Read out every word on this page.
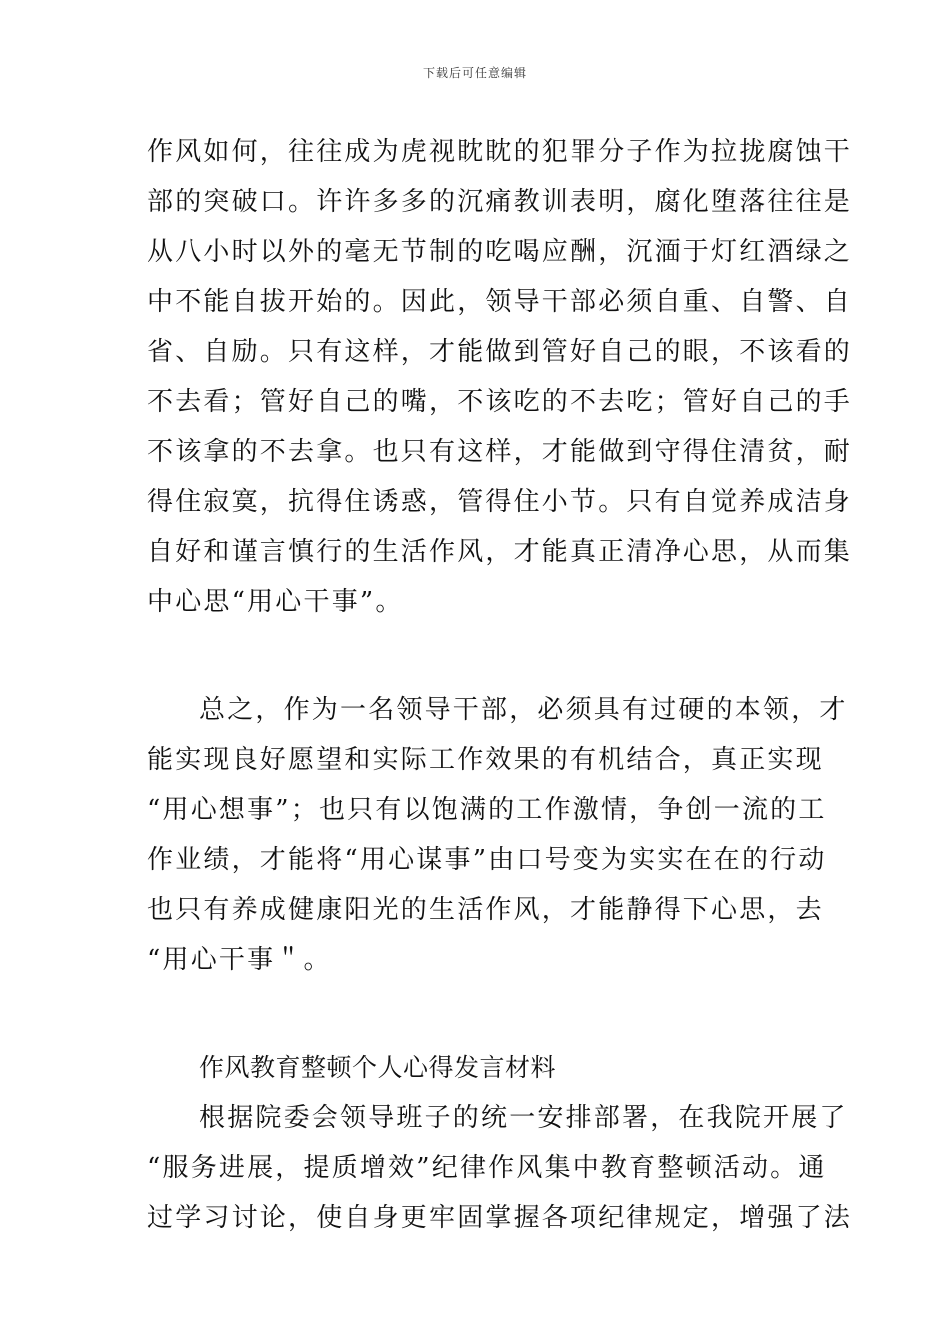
下载后可任意编辑
作风如何，往往成为虎视眈眈的犯罪分子作为拉拢腐蚀干
部的突破口。许许多多的沉痛教训表明，腐化堕落往往是
从八小时以外的毫无节制的吃喝应酬，沉湎于灯红酒绿之
中不能自拔开始的。因此，领导干部必须自重、自警、自
省、自励。只有这样，才能做到管好自己的眼，不该看的
不去看；管好自己的嘴，不该吃的不去吃；管好自己的手
不该拿的不去拿。也只有这样，才能做到守得住清贫，耐
得住寂寞，抗得住诱惑，管得住小节。只有自觉养成洁身
自好和谨言慎行的生活作风，才能真正清净心思，从而集
中心思“用心干事”。
总之，作为一名领导干部，必须具有过硬的本领，才
能实现良好愿望和实际工作效果的有机结合，真正实现
“用心想事”；也只有以饱满的工作激情，争创一流的工
作业绩，才能将“用心谋事”由口号变为实实在在的行动
也只有养成健康阳光的生活作风，才能静得下心思，去
“用心干事＂。
作风教育整顿个人心得发言材料
根据院委会领导班子的统一安排部署，在我院开展了
“服务进展，提质增效”纪律作风集中教育整顿活动。通
过学习讨论，使自身更牢固掌握各项纪律规定，增强了法
